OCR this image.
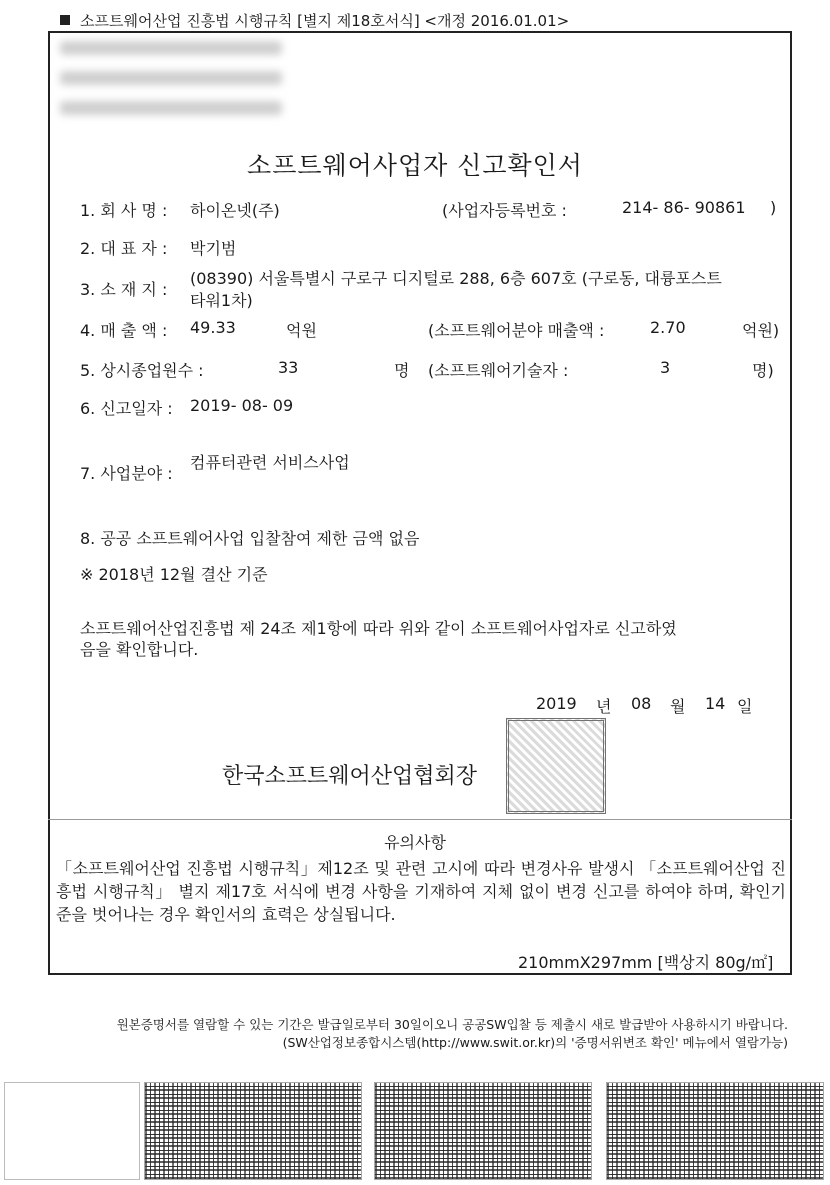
소프트웨어산업 진흥법 시행규칙 [별지 제18호서식] <개정 2016.01.01>
소프트웨어사업자 신고확인서
1. 회 사 명 : 하이온넷(주)	(사업자등록번호 :	214- 86- 90861 )
2. 대 표 자 : 박기범
3. 소 재 지 :
(08390) 서울특별시 구로구 디지털로 288, 6층 607호 (구로동, 대륭포스트
타워1차)
4. 매 출 액 : 49.33	억원	(소프트웨어분야 매출액 :	2.70	억원)
5. 상시종업원수 :	33	명 (소프트웨어기술자 :	3	명)
6. 신고일자 : 2019- 08- 09
7. 사업분야 :
컴퓨터관련 서비스사업
8. 공공 소프트웨어사업 입찰참여 제한 금액 없음
※ 2018년 12월 결산 기준
소프트웨어산업진흥법 제 24조 제1항에 따라 위와 같이 소프트웨어사업자로 신고하였
음을 확인합니다.
2019 년 08 월 14 일
한국소프트웨어산업협회장
유의사항
「소프트웨어산업 진흥법 시행규칙」제12조 및 관련 고시에 따라 변경사유 발생시 「소프트웨어산업 진흥법 시행규칙」 별지 제17호 서식에 변경 사항을 기재하여 지체 없이 변경 신고를 하여야 하며, 확인기준을 벗어나는 경우 확인서의 효력은 상실됩니다.
210mmX297mm [백상지 80g/㎡]
원본증명서를 열람할 수 있는 기간은 발급일로부터 30일이오니 공공SW입찰 등 제출시 새로 발급받아 사용하시기 바랍니다.
(SW산업정보종합시스템(http://www.swit.or.kr)의 '증명서위변조 확인' 메뉴에서 열람가능)
